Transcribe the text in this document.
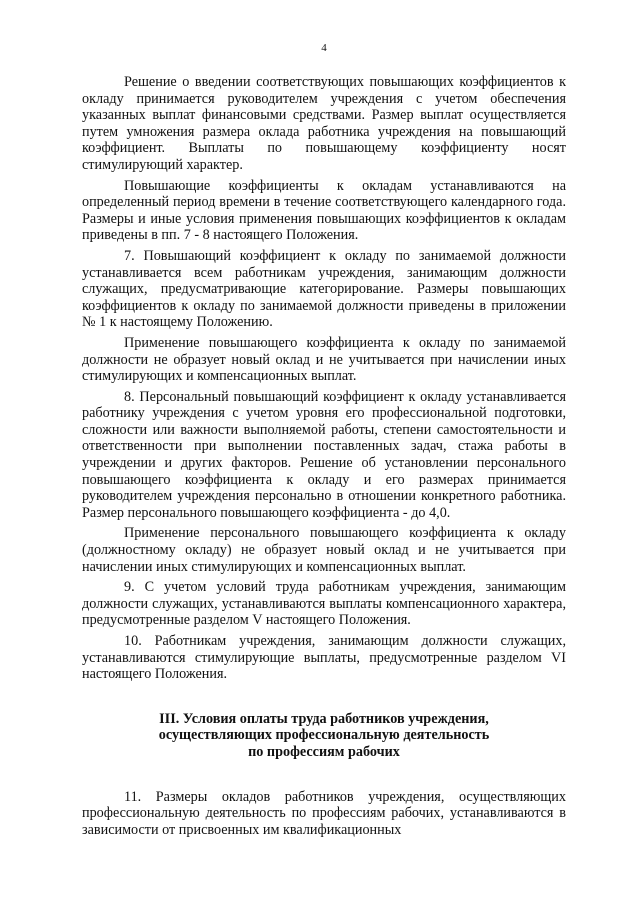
4

Решение о введении соответствующих повышающих коэффициентов к окладу принимается руководителем учреждения с учетом обеспечения указанных выплат финансовыми средствами. Размер выплат осуществляется путем умножения размера оклада работника учреждения на повышающий коэффициент. Выплаты по повышающему коэффициенту носят стимулирующий характер.

Повышающие коэффициенты к окладам устанавливаются на определенный период времени в течение соответствующего календарного года. Размеры и иные условия применения повышающих коэффициентов к окладам приведены в пп. 7 - 8 настоящего Положения.

7. Повышающий коэффициент к окладу по занимаемой должности устанавливается всем работникам учреждения, занимающим должности служащих, предусматривающие категорирование. Размеры повышающих коэффициентов к окладу по занимаемой должности приведены в приложении № 1 к настоящему Положению.

Применение повышающего коэффициента к окладу по занимаемой должности не образует новый оклад и не учитывается при начислении иных стимулирующих и компенсационных выплат.

8. Персональный повышающий коэффициент к окладу устанавливается работнику учреждения с учетом уровня его профессиональной подготовки, сложности или важности выполняемой работы, степени самостоятельности и ответственности при выполнении поставленных задач, стажа работы в учреждении и других факторов. Решение об установлении персонального повышающего коэффициента к окладу и его размерах принимается руководителем учреждения персонально в отношении конкретного работника. Размер персонального повышающего коэффициента - до 4,0.

Применение персонального повышающего коэффициента к окладу (должностному окладу) не образует новый оклад и не учитывается при начислении иных стимулирующих и компенсационных выплат.

9. С учетом условий труда работникам учреждения, занимающим должности служащих, устанавливаются выплаты компенсационного характера, предусмотренные разделом V настоящего Положения.

10. Работникам учреждения, занимающим должности служащих, устанавливаются стимулирующие выплаты, предусмотренные разделом VI настоящего Положения.

III. Условия оплаты труда работников учреждения,
осуществляющих профессиональную деятельность
по профессиям рабочих

11. Размеры окладов работников учреждения, осуществляющих профессиональную деятельность по профессиям рабочих, устанавливаются в зависимости от присвоенных им квалификационных
